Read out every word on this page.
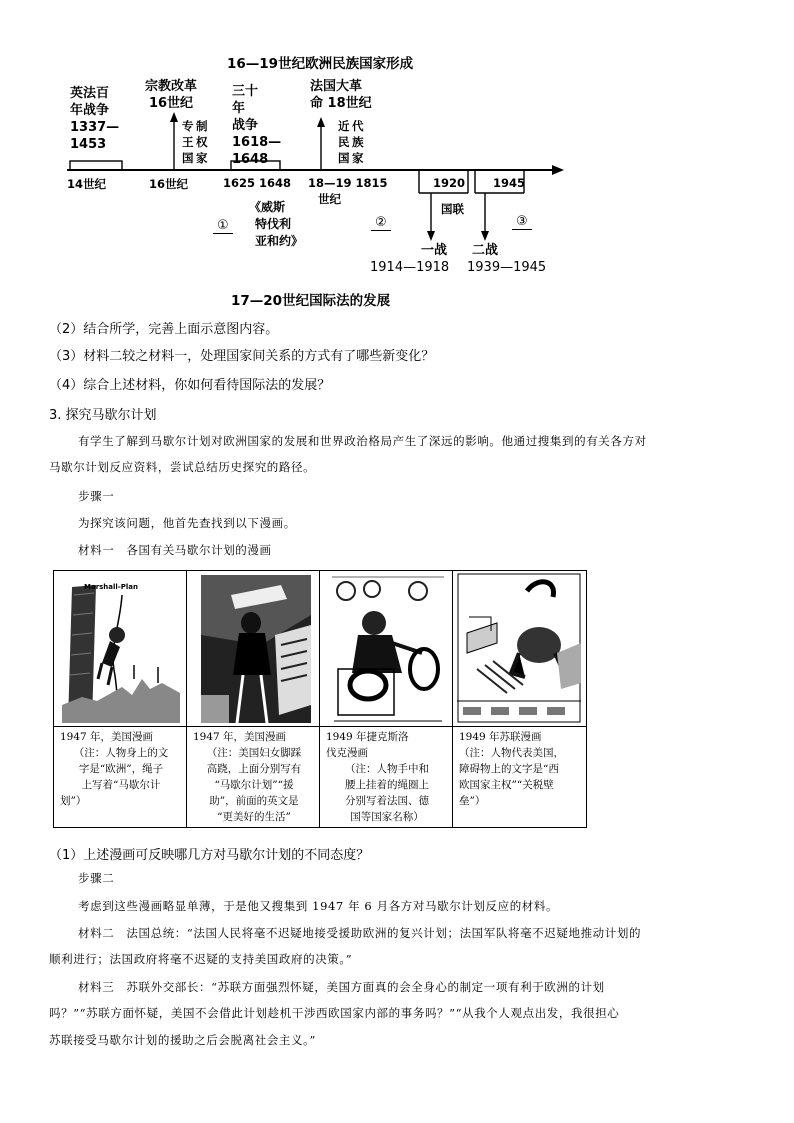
16—19世纪欧洲民族国家形成
英法百
年战争
1337—
1453
宗教改革
16世纪
专 制
王 权
国 家
三十
年
战争
1618—
1648
法国大革
命 18世纪
近 代
民 族
国 家
14世纪	16世纪	1625 1648 18—19 1815
世纪
1920 1945
国联
《威斯
特伐利
亚和约》
①	②	③
一战
1914—1918
二战
1939—1945
17—20世纪国际法的发展
（2）结合所学，完善上面示意图内容。
（3）材料二较之材料一，处理国家间关系的方式有了哪些新变化？
（4）综合上述材料，你如何看待国际法的发展？
3. 探究马歇尔计划
有学生了解到马歇尔计划对欧洲国家的发展和世界政治格局产生了深远的影响。他通过搜集到的有关各方对
马歇尔计划反应资料，尝试总结历史探究的路径。
步骤一
为探究该问题，他首先查找到以下漫画。
材料一　各国有关马歇尔计划的漫画
Marshall-Plan
1947 年，美国漫画
（注：人物身上的文
字是“欧洲”，绳子
上写着“马歇尔计
划”）
1947 年，美国漫画
（注：美国妇女脚踩
高跷，上面分别写有
“马歇尔计划”“援
助”，前面的英文是
“更美好的生活”
1949 年捷克斯洛
伐克漫画
（注：人物手中和
腰上挂着的绳圈上
分别写着法国、德
国等国家名称）
1949 年苏联漫画
（注：人物代表美国，
障碍物上的文字是“西
欧国家主权”“关税壁
垒”）
（1）上述漫画可反映哪几方对马歇尔计划的不同态度？
步骤二
考虑到这些漫画略显单薄，于是他又搜集到 1947 年 6 月各方对马歇尔计划反应的材料。
材料二　法国总统：“法国人民将毫不迟疑地接受援助欧洲的复兴计划；法国军队将毫不迟疑地推动计划的
顺利进行；法国政府将毫不迟疑的支持美国政府的决策。”
材料三　苏联外交部长：“苏联方面强烈怀疑，美国方面真的会全身心的制定一项有利于欧洲的计划
吗？”“苏联方面怀疑，美国不会借此计划趁机干涉西欧国家内部的事务吗？”“从我个人观点出发，我很担心
苏联接受马歇尔计划的援助之后会脱离社会主义。”
